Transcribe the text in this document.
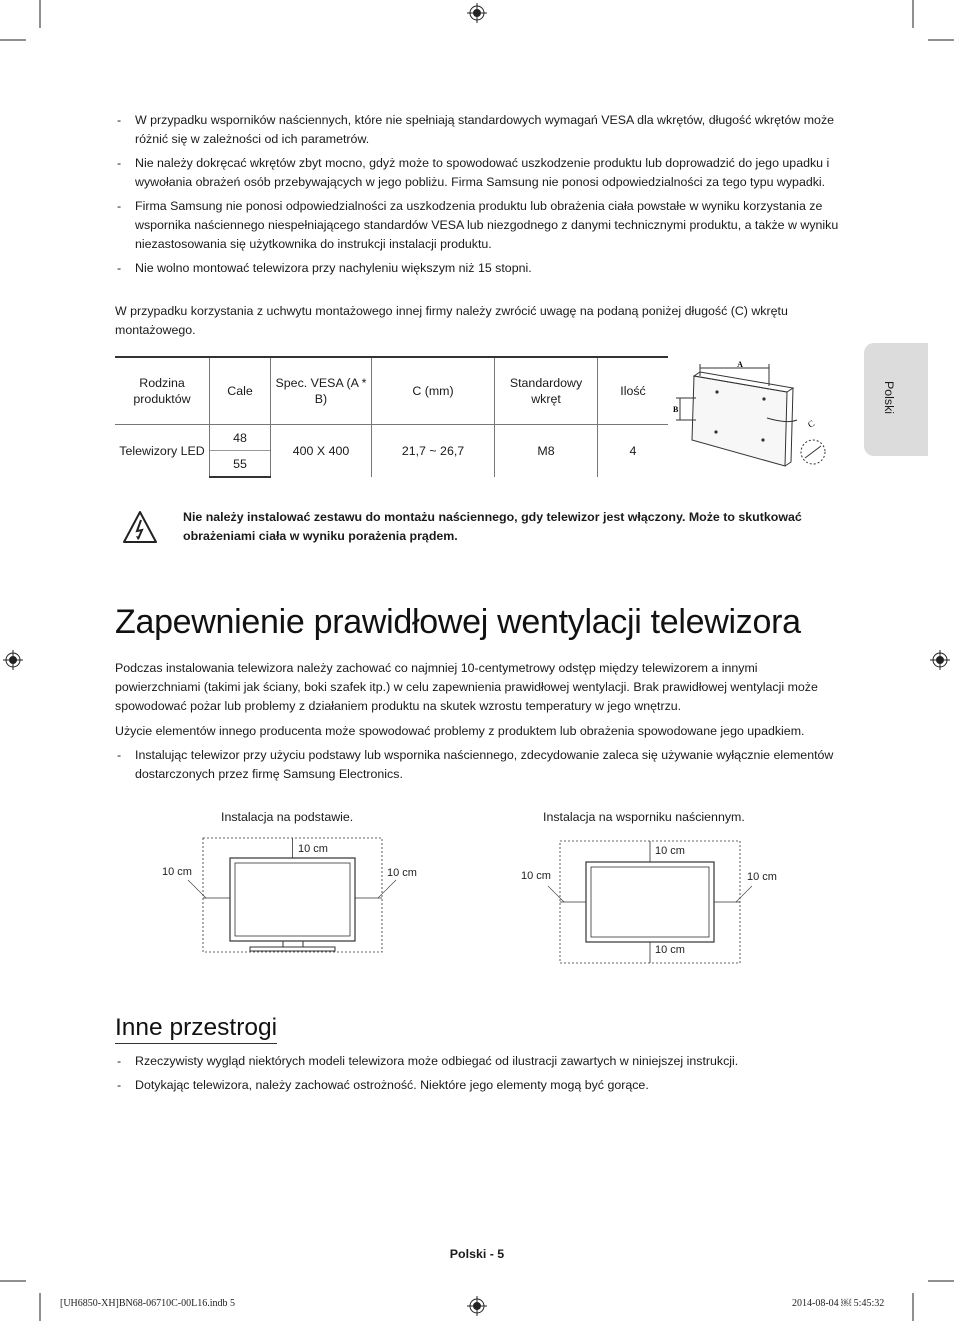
- W przypadku wsporników naściennych, które nie spełniają standardowych wymagań VESA dla wkrętów, długość wkrętów może różnić się w zależności od ich parametrów.
- Nie należy dokręcać wkrętów zbyt mocno, gdyż może to spowodować uszkodzenie produktu lub doprowadzić do jego upadku i wywołania obrażeń osób przebywających w jego pobliżu. Firma Samsung nie ponosi odpowiedzialności za tego typu wypadki.
- Firma Samsung nie ponosi odpowiedzialności za uszkodzenia produktu lub obrażenia ciała powstałe w wyniku korzystania ze wspornika naściennego niespełniającego standardów VESA lub niezgodnego z danymi technicznymi produktu, a także w wyniku niezastosowania się użytkownika do instrukcji instalacji produktu.
- Nie wolno montować telewizora przy nachyleniu większym niż 15 stopni.

W przypadku korzystania z uchwytu montażowego innej firmy należy zwrócić uwagę na podaną poniżej długość (C) wkrętu montażowego.

Rodzina produktów	Cale	Spec. VESA (A * B)	C (mm)	Standardowy wkręt	Ilość
Telewizory LED	48	400 X 400	21,7 ~ 26,7	M8	4
	55				
A
B
C
Polski
Nie należy instalować zestawu do montażu naściennego, gdy telewizor jest włączony. Może to skutkować obrażeniami ciała w wyniku porażenia prądem.
Zapewnienie prawidłowej wentylacji telewizora

Podczas instalowania telewizora należy zachować co najmniej 10-centymetrowy odstęp między telewizorem a innymi powierzchniami (takimi jak ściany, boki szafek itp.) w celu zapewnienia prawidłowej wentylacji. Brak prawidłowej wentylacji może spowodować pożar lub problemy z działaniem produktu na skutek wzrostu temperatury w jego wnętrzu.

Użycie elementów innego producenta może spowodować problemy z produktem lub obrażenia spowodowane jego upadkiem.

- Instalując telewizor przy użyciu podstawy lub wspornika naściennego, zdecydowanie zaleca się używanie wyłącznie elementów dostarczonych przez firmę Samsung Electronics.
Instalacja na podstawie.	Instalacja na wsporniku naściennym.
10 cm
10 cm	10 cm
10 cm
10 cm	10 cm
10 cm
Inne przestrogi
- Rzeczywisty wygląd niektórych modeli telewizora może odbiegać od ilustracji zawartych w niniejszej instrukcji.
- Dotykając telewizora, należy zachować ostrożność. Niektóre jego elementy mogą być gorące.
Polski - 5
[UH6850-XH]BN68-06710C-00L16.indb 5	2014-08-04 ￼ 5:45:32
